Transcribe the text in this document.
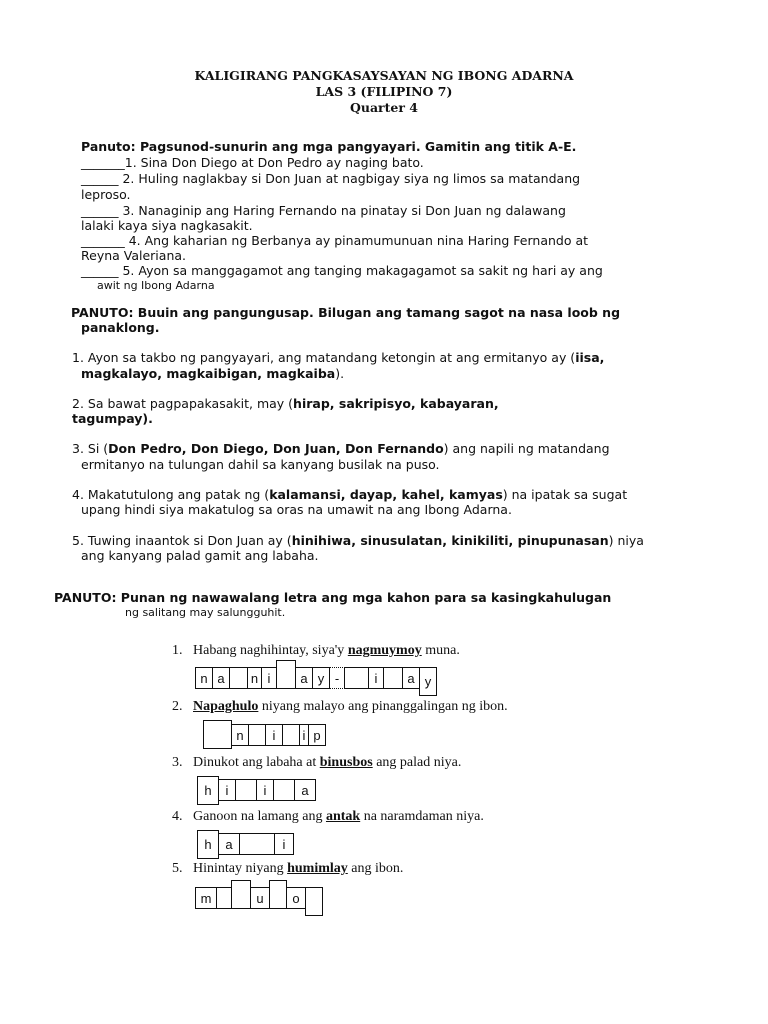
KALIGIRANG PANGKASAYSAYAN NG IBONG ADARNA
LAS 3 (FILIPINO 7)
Quarter 4
Panuto: Pagsunod-sunurin ang mga pangyayari. Gamitin ang titik A-E.
_______1. Sina Don Diego at Don Pedro ay naging bato.
______ 2. Huling naglakbay si Don Juan at nagbigay siya ng limos sa matandang
leproso.
______ 3. Nanaginip ang Haring Fernando na pinatay si Don Juan ng dalawang
lalaki kaya siya nagkasakit.
_______ 4. Ang kaharian ng Berbanya ay pinamumunuan nina Haring Fernando at
Reyna Valeriana.
______ 5. Ayon sa manggagamot ang tanging makagagamot sa sakit ng hari ay ang
awit ng Ibong Adarna
PANUTO: Buuin ang pangungusap. Bilugan ang tamang sagot na nasa loob ng
panaklong.
1. Ayon sa takbo ng pangyayari, ang matandang ketongin at ang ermitanyo ay (iisa,
magkalayo, magkaibigan, magkaiba).
2. Sa bawat pagpapakasakit, may (hirap, sakripisyo, kabayaran,
tagumpay).
3. Si (Don Pedro, Don Diego, Don Juan, Don Fernando) ang napili ng matandang
ermitanyo na tulungan dahil sa kanyang busilak na puso.
4. Makatutulong ang patak ng (kalamansi, dayap, kahel, kamyas) na ipatak sa sugat
upang hindi siya makatulog sa oras na umawit na ang Ibong Adarna.
5. Tuwing inaantok si Don Juan ay (hinihiwa, sinusulatan, kinikiliti, pinupunasan) niya
ang kanyang palad gamit ang labaha.
PANUTO: Punan ng nawawalang letra ang mga kahon para sa kasingkahulugan
ng salitang may salungguhit.
1. Habang naghihintay, siya'y nagmuymoy muna.
n a	n i	a y -	i	a y
2. Napaghulo niyang malayo ang pinanggalingan ng ibon.
n	i	i p
3. Dinukot ang labaha at binusbos ang palad niya.
h	i	i	a
4. Ganoon na lamang ang antak na naramdaman niya.
h	a	i
5. Hinintay niyang humimlay ang ibon.
m	u	o
